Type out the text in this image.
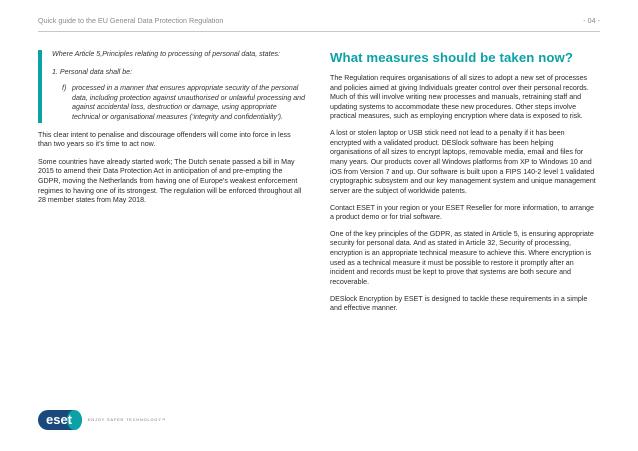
Quick guide to the EU General Data Protection Regulation	- 04 -

Where Article 5,Principles relating to processing of personal data, states:

1. Personal data shall be:

f) processed in a manner that ensures appropriate security of the personal data, including protection against unauthorised or unlawful processing and against accidental loss, destruction or damage, using appropriate technical or organisational measures (‘integrity and confidentiality’).

This clear intent to penalise and discourage offenders will come into force in less than two years so it’s time to act now.

Some countries have already started work; The Dutch senate passed a bill in May 2015 to amend their Data Protection Act in anticipation of and pre-empting the GDPR, moving the Netherlands from having one of Europe’s weakest enforcement regimes to having one of its strongest. The regulation will be enforced throughout all 28 member states from May 2018.

What measures should be taken now?

The Regulation requires organisations of all sizes to adopt a new set of processes and policies aimed at giving Individuals greater control over their personal records. Much of this will involve writing new processes and manuals, retraining staff and updating systems to accommodate these new procedures. Other steps involve practical measures, such as employing encryption where data is exposed to risk.

A lost or stolen laptop or USB stick need not lead to a penalty if it has been encrypted with a validated product. DESlock software has been helping organisations of all sizes to encrypt laptops, removable media, email and files for many years. Our products cover all Windows platforms from XP to Windows 10 and iOS from Version 7 and up. Our software is built upon a FIPS 140-2 level 1 validated cryptographic subsystem and our key management system and unique management server are the subject of worldwide patents.

Contact ESET in your region or your ESET Reseller for more information, to arrange a product demo or for trial software.

One of the key principles of the GDPR, as stated in Article 5, is ensuring appropriate security for personal data. And as stated in Article 32, Security of processing, encryption is an appropriate technical measure to achieve this. Where encryption is used as a technical measure it must be possible to restore it promptly after an incident and records must be kept to prove that systems are both secure and recoverable.

DESlock Encryption by ESET is designed to tackle these requirements in a simple and effective manner.

eset	ENJOY SAFER TECHNOLOGY™
